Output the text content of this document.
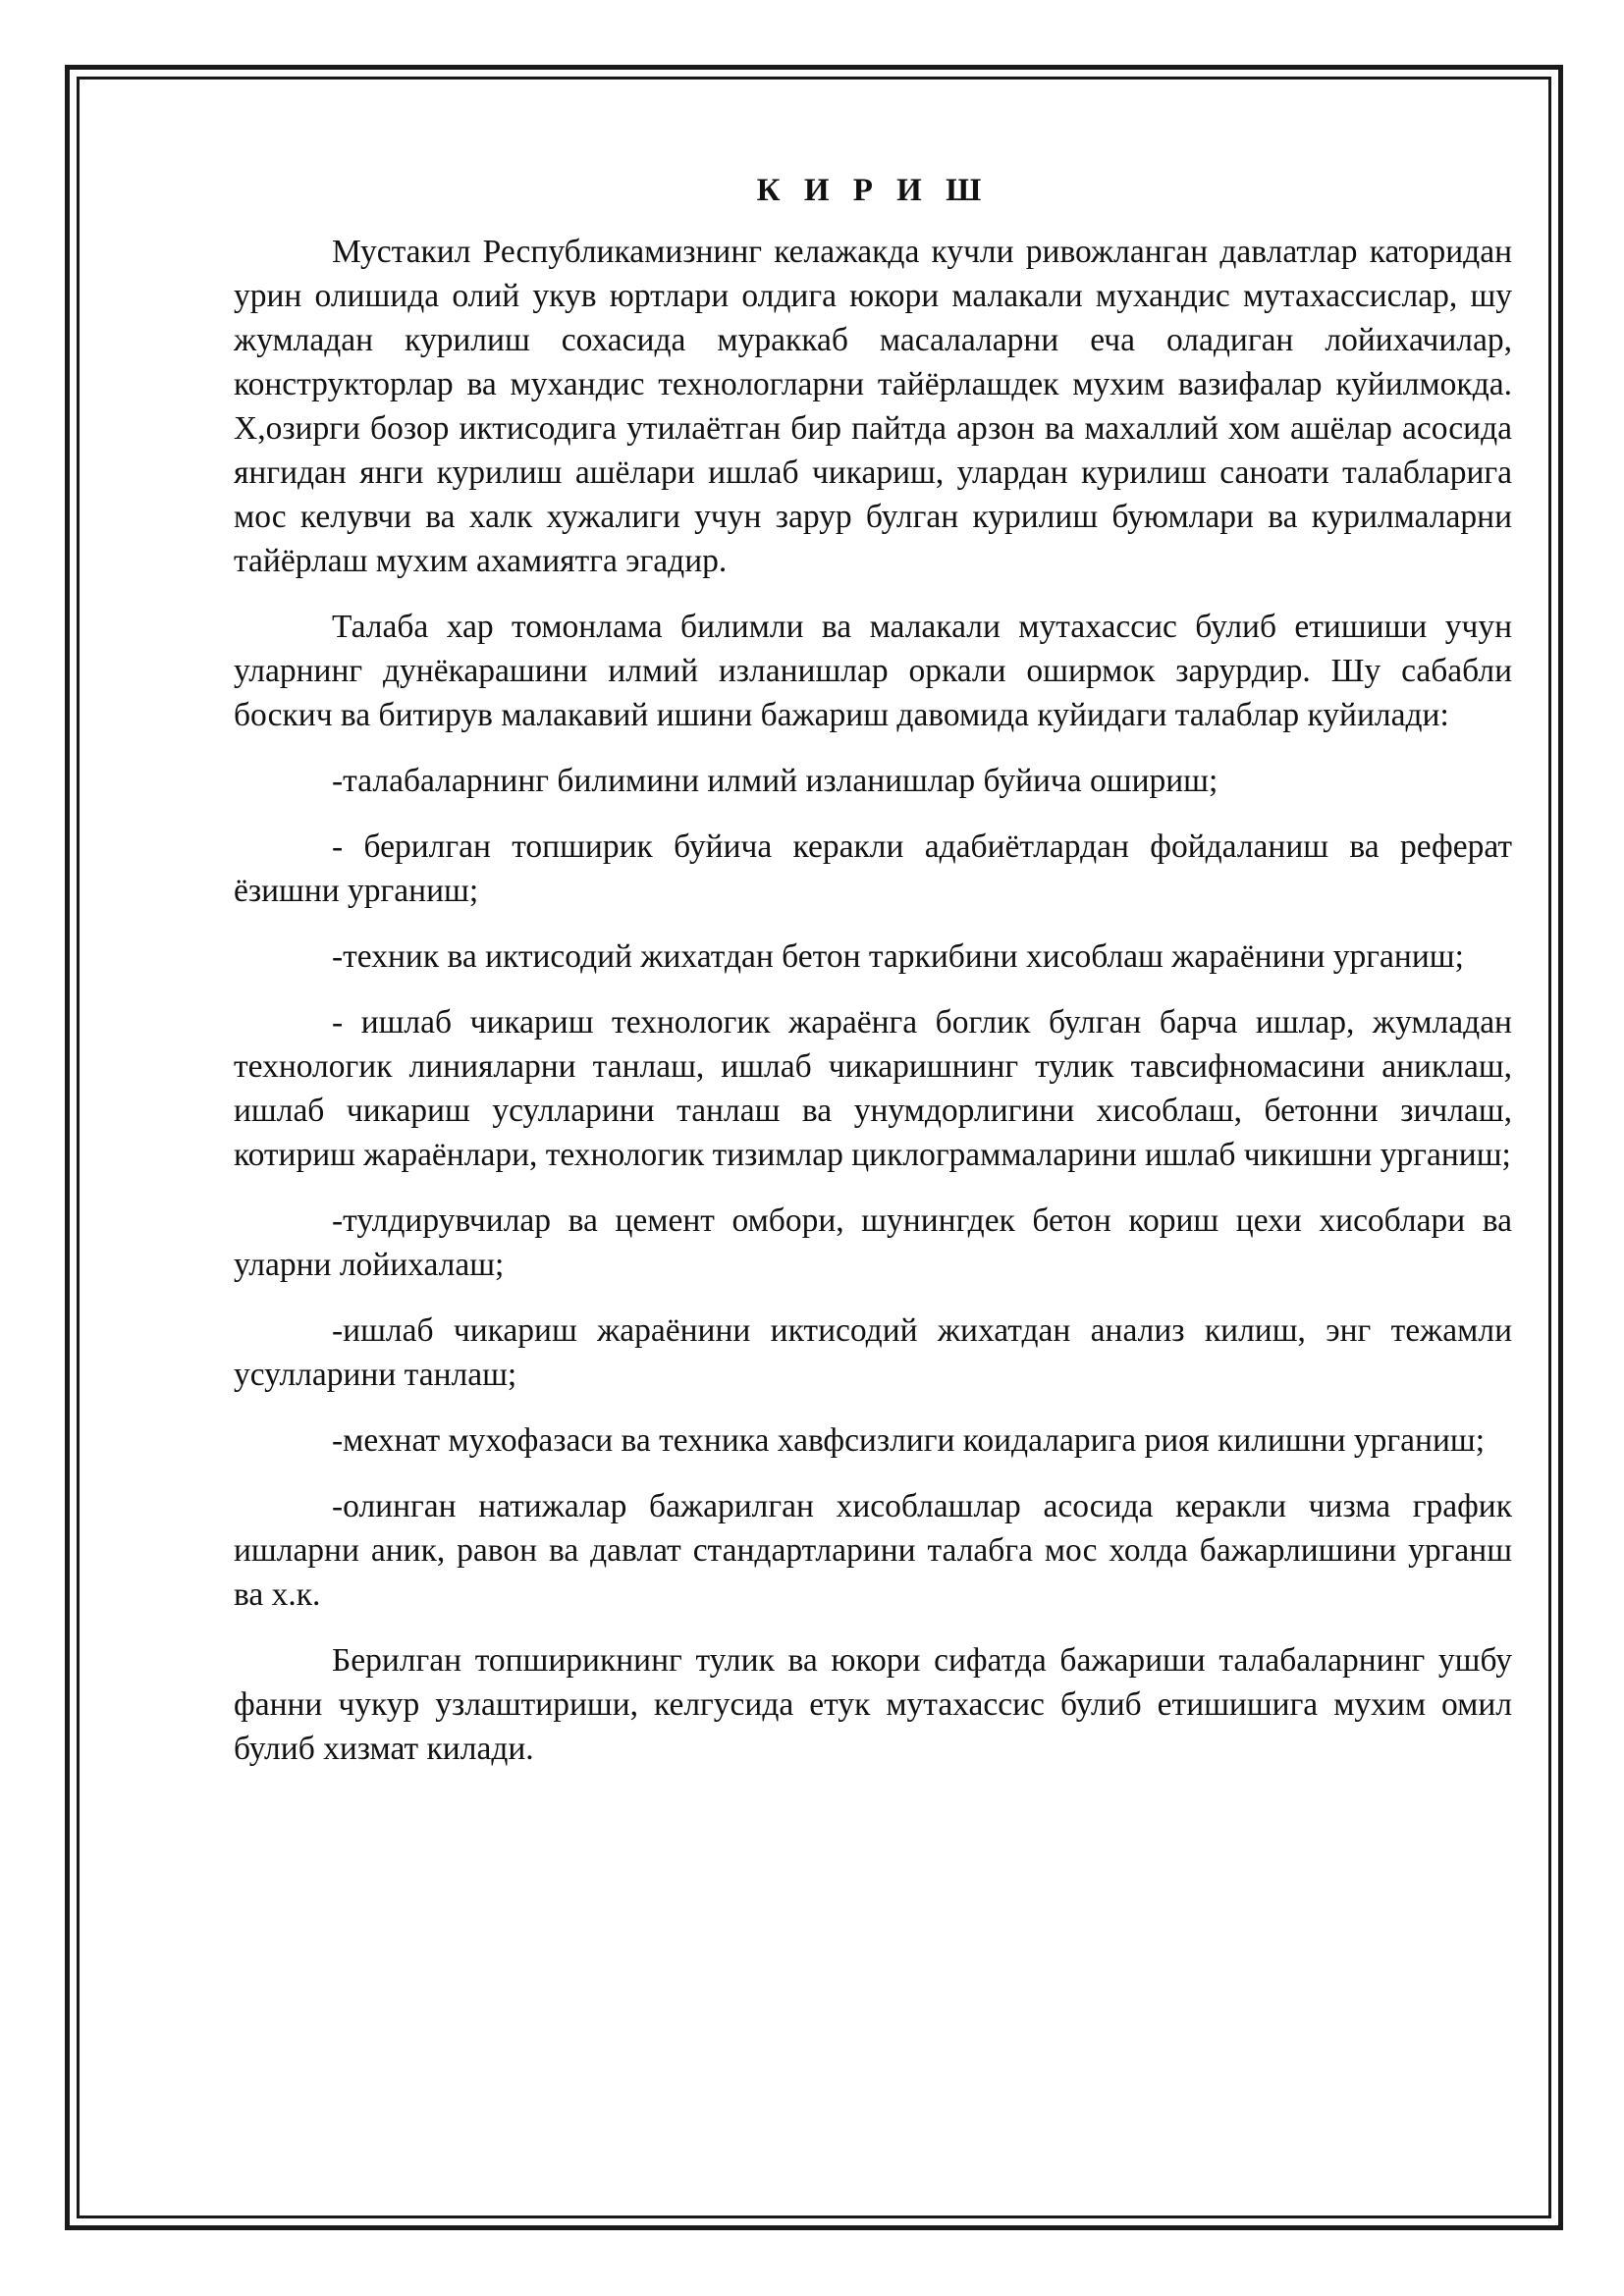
К И Р И Ш

Мустакил Республикамизнинг келажакда кучли ривожланган давлатлар каторидан урин олишида олий укув юртлари олдига юкори малакали мухандис мутахассислар, шу жумладан курилиш сохасида мураккаб масалаларни еча оладиган лойихачилар, конструкторлар ва мухандис технологларни тайёрлашдек мухим вазифалар куйилмокда. Х,озирги бозор иктисодига утилаётган бир пайтда арзон ва махаллий хом ашёлар асосида янгидан янги курилиш ашёлари ишлаб чикариш, улардан курилиш саноати талабларига мос келувчи ва халк хужалиги учун зарур булган курилиш буюмлари ва курилмаларни тайёрлаш мухим ахамиятга эгадир.

Талаба хар томонлама билимли ва малакали мутахассис булиб етишиши учун уларнинг дунёкарашини илмий изланишлар оркали оширмок зарурдир. Шу сабабли боскич ва битирув малакавий ишини бажариш давомида куйидаги талаблар куйилади:

-талабаларнинг билимини илмий изланишлар буйича ошириш;

- берилган топширик буйича керакли адабиётлардан фойдаланиш ва реферат ёзишни урганиш;

-техник ва иктисодий жихатдан бетон таркибини хисоблаш жараёнини урганиш;

- ишлаб чикариш технологик жараёнга боглик булган барча ишлар, жумладан технологик линияларни танлаш, ишлаб чикаришнинг тулик тавсифномасини аниклаш, ишлаб чикариш усулларини танлаш ва унумдорлигини хисоблаш, бетонни зичлаш, котириш жараёнлари, технологик тизимлар циклограммаларини ишлаб чикишни урганиш;

-тулдирувчилар ва цемент омбори, шунингдек бетон кориш цехи хисоблари ва уларни лойихалаш;

-ишлаб чикариш жараёнини иктисодий жихатдан анализ килиш, энг тежамли усулларини танлаш;

-мехнат мухофазаси ва техника хавфсизлиги коидаларига риоя килишни урганиш;

-олинган натижалар бажарилган хисоблашлар асосида керакли чизма график ишларни аник, равон ва давлат стандартларини талабга мос холда бажарлишини урганш ва х.к.

Берилган топширикнинг тулик ва юкори сифатда бажариши талабаларнинг ушбу фанни чукур узлаштириши, келгусида етук мутахассис булиб етишишига мухим омил булиб хизмат килади.
